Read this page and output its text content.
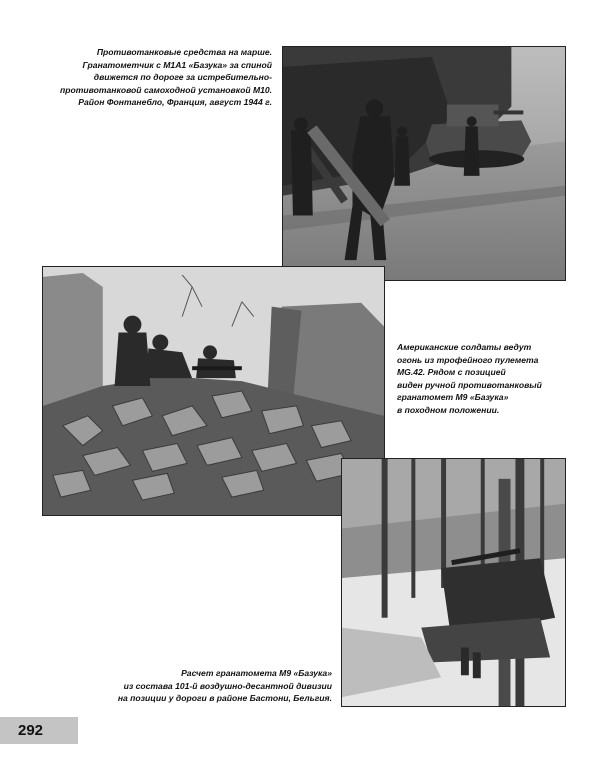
Противотанковые средства на марше.
Гранатометчик с M1A1 «Базука» за спиной
движется по дороге за истребительно-
противотанковой самоходной установкой M10.
Район Фонтанебло, Франция, август 1944 г.
Американские солдаты ведут
огонь из трофейного пулемета
MG.42. Рядом с позицией
виден ручной противотанковый
гранатомет M9 «Базука»
в походном положении.
Расчет гранатомета M9 «Базука»
из состава 101-й воздушно-десантной дивизии
на позиции у дороги в районе Бастони, Бельгия.
292
